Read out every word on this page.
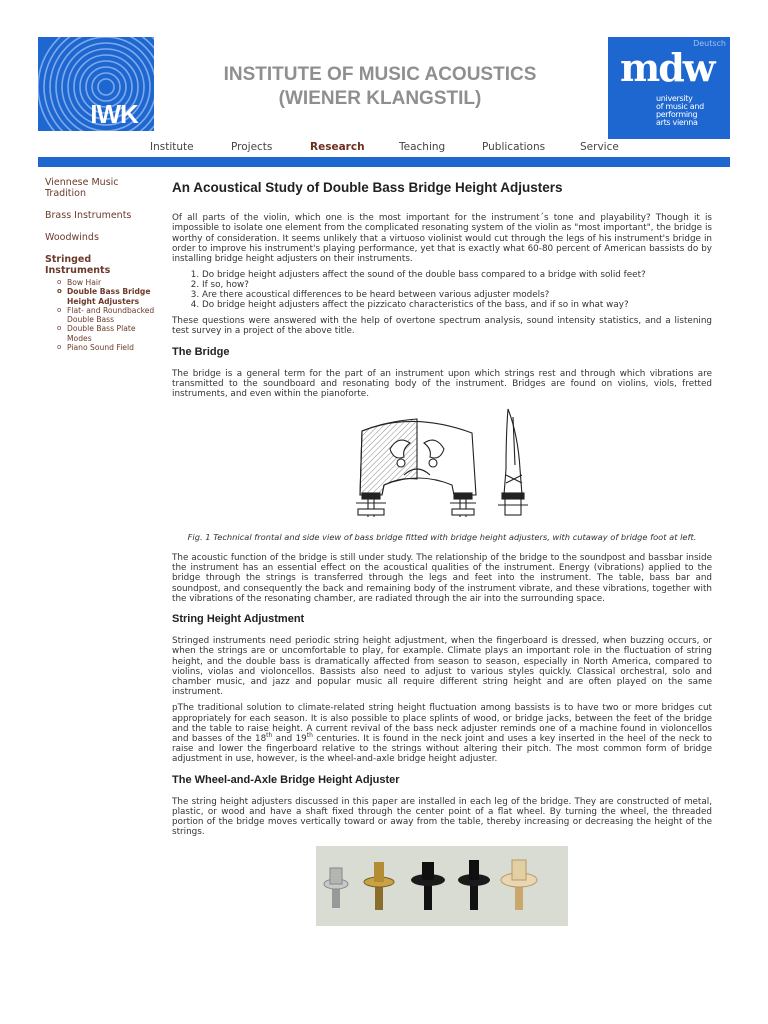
IWK
INSTITUTE OF MUSIC ACOUSTICS
(WIENER KLANGSTIL)
Deutsch
mdw
university
of music and
performing
arts vienna
Institute	Projects	Research	Teaching	Publications	Service
Viennese Music Tradition
Brass Instruments
Woodwinds
Stringed Instruments
o Bow Hair
o Double Bass Bridge Height Adjusters
o Flat- and Roundbacked Double Bass
o Double Bass Plate Modes
o Piano Sound Field
An Acoustical Study of Double Bass Bridge Height Adjusters

Of all parts of the violin, which one is the most important for the instrument´s tone and playability? Though it is impossible to isolate one element from the complicated resonating system of the violin as "most important", the bridge is worthy of consideration. It seems unlikely that a virtuoso violinist would cut through the legs of his instrument's bridge in order to improve his instrument's playing performance, yet that is exactly what 60-80 percent of American bassists do by installing bridge height adjusters on their instruments.

1. Do bridge height adjusters affect the sound of the double bass compared to a bridge with solid feet?
2. If so, how?
3. Are there acoustical differences to be heard between various adjuster models?
4. Do bridge height adjusters affect the pizzicato characteristics of the bass, and if so in what way?

These questions were answered with the help of overtone spectrum analysis, sound intensity statistics, and a listening test survey in a project of the above title.

The Bridge

The bridge is a general term for the part of an instrument upon which strings rest and through which vibrations are transmitted to the soundboard and resonating body of the instrument. Bridges are found on violins, viols, fretted instruments, and even within the pianoforte.

Fig. 1 Technical frontal and side view of bass bridge fitted with bridge height adjusters, with cutaway of bridge foot at left.

The acoustic function of the bridge is still under study. The relationship of the bridge to the soundpost and bassbar inside the instrument has an essential effect on the acoustical qualities of the instrument. Energy (vibrations) applied to the bridge through the strings is transferred through the legs and feet into the instrument. The table, bass bar and soundpost, and consequently the back and remaining body of the instrument vibrate, and these vibrations, together with the vibrations of the resonating chamber, are radiated through the air into the surrounding space.

String Height Adjustment

Stringed instruments need periodic string height adjustment, when the fingerboard is dressed, when buzzing occurs, or when the strings are or uncomfortable to play, for example. Climate plays an important role in the fluctuation of string height, and the double bass is dramatically affected from season to season, especially in North America, compared to violins, violas and violoncellos. Bassists also need to adjust to various styles quickly. Classical orchestral, solo and chamber music, and jazz and popular music all require different string height and are often played on the same instrument.

pThe traditional solution to climate-related string height fluctuation among bassists is to have two or more bridges cut appropriately for each season. It is also possible to place splints of wood, or bridge jacks, between the feet of the bridge and the table to raise height. A current revival of the bass neck adjuster reminds one of a machine found in violoncellos and basses of the 18th and 19th centuries. It is found in the neck joint and uses a key inserted in the heel of the neck to raise and lower the fingerboard relative to the strings without altering their pitch. The most common form of bridge adjustment in use, however, is the wheel-and-axle bridge height adjuster.

The Wheel-and-Axle Bridge Height Adjuster

The string height adjusters discussed in this paper are installed in each leg of the bridge. They are constructed of metal, plastic, or wood and have a shaft fixed through the center point of a flat wheel. By turning the wheel, the threaded portion of the bridge moves vertically toward or away from the table, thereby increasing or decreasing the height of the strings.
